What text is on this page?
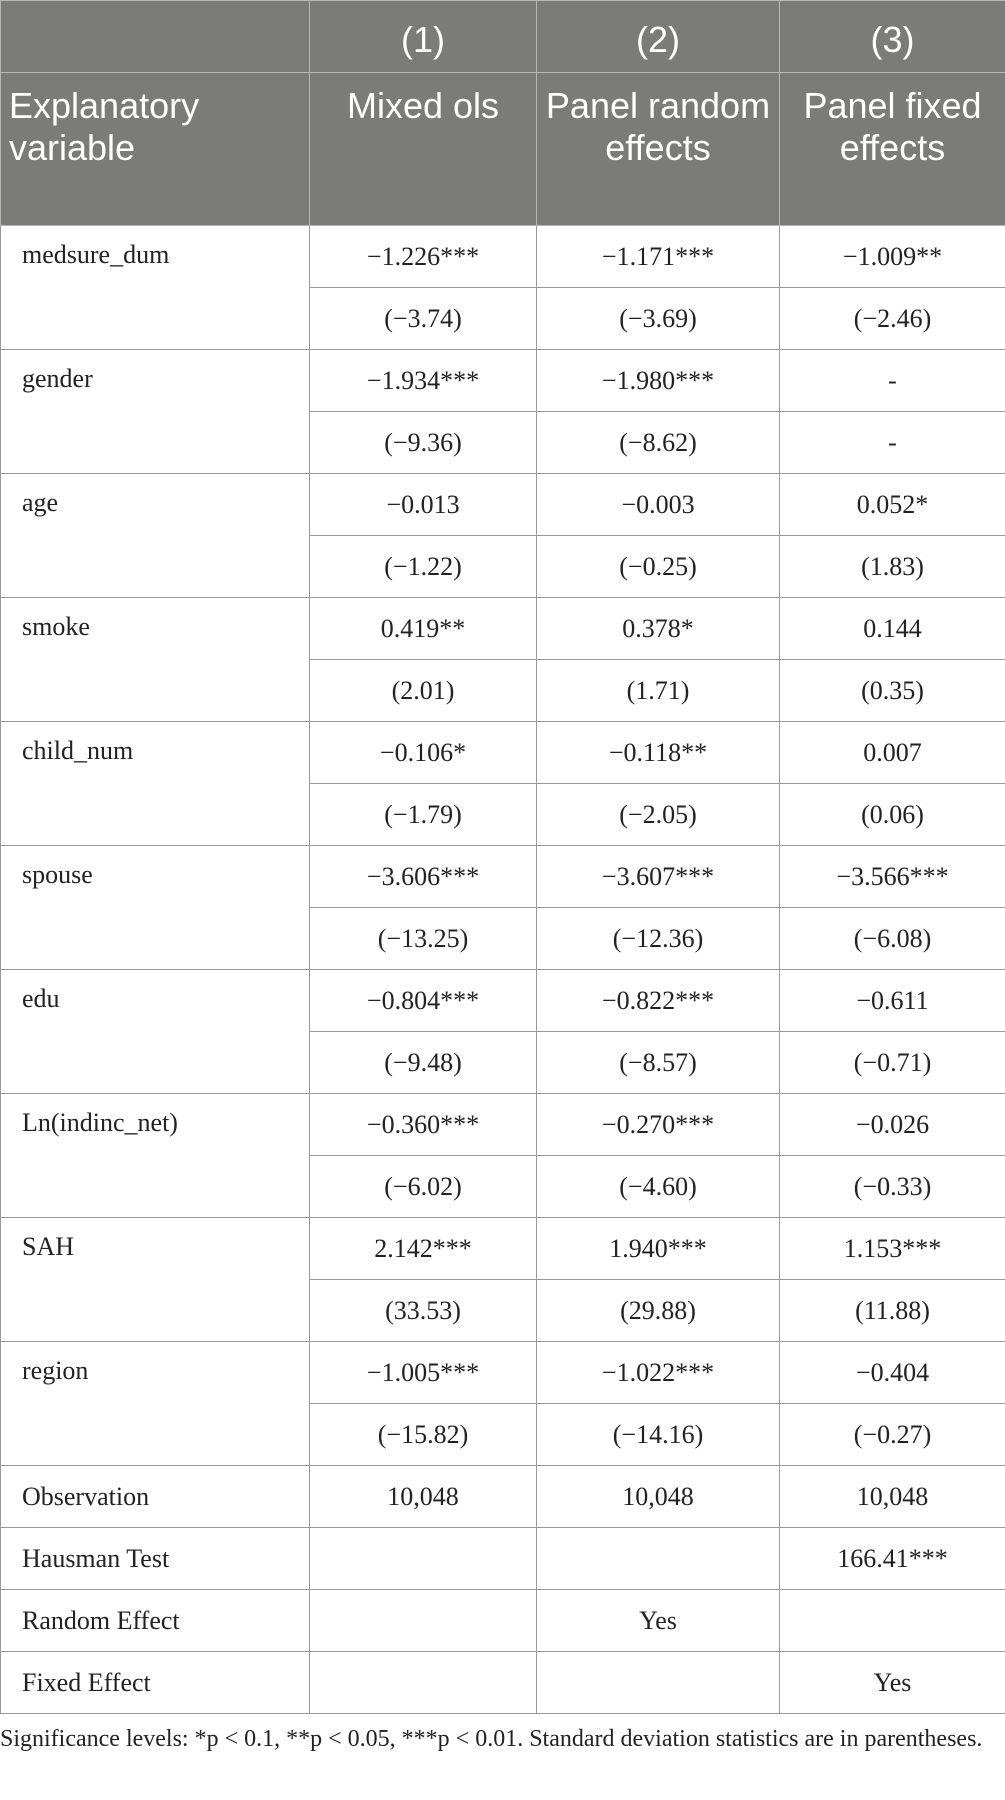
	(1)	(2)	(3)
Explanatory variable	Mixed ols	Panel random effects	Panel fixed effects
medsure_dum	−1.226***	−1.171***	−1.009**
	(−3.74)	(−3.69)	(−2.46)
gender	−1.934***	−1.980***	-
	(−9.36)	(−8.62)	-
age	−0.013	−0.003	0.052*
	(−1.22)	(−0.25)	(1.83)
smoke	0.419**	0.378*	0.144
	(2.01)	(1.71)	(0.35)
child_num	−0.106*	−0.118**	0.007
	(−1.79)	(−2.05)	(0.06)
spouse	−3.606***	−3.607***	−3.566***
	(−13.25)	(−12.36)	(−6.08)
edu	−0.804***	−0.822***	−0.611
	(−9.48)	(−8.57)	(−0.71)
Ln(indinc_net)	−0.360***	−0.270***	−0.026
	(−6.02)	(−4.60)	(−0.33)
SAH	2.142***	1.940***	1.153***
	(33.53)	(29.88)	(11.88)
region	−1.005***	−1.022***	−0.404
	(−15.82)	(−14.16)	(−0.27)
Observation	10,048	10,048	10,048
Hausman Test			166.41***
Random Effect		Yes	
Fixed Effect			Yes
Significance levels: *p < 0.1, **p < 0.05, ***p < 0.01. Standard deviation statistics are in parentheses.
